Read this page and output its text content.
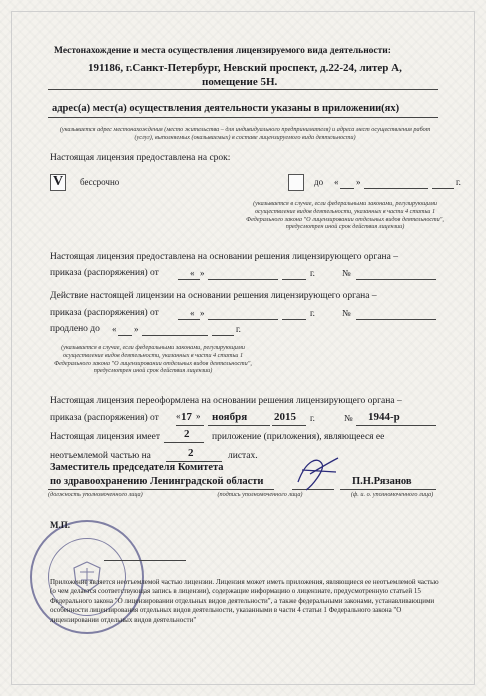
Местонахождение и места осуществления лицензируемого вида деятельности:
191186, г.Санкт-Петербург, Невский проспект, д.22-24, литер А,
помещение 5Н.
адрес(а) мест(а) осуществления деятельности указаны в приложении(ях)
(указывается адрес местонахождения (место жительства – для индивидуального предпринимателя) и адреса мест осуществления работ (услуг), выполняемых (оказываемых) в составе лицензируемого вида деятельности)
Настоящая лицензия предоставлена на срок:
V	бессрочно	до « »	г.
(указывается в случае, если федеральными законами, регулирующими осуществление видов деятельности, указанных в части 4 статьи 1 Федерального закона "О лицензировании отдельных видов деятельности", предусмотрен иной срок действия лицензии)
Настоящая лицензия предоставлена на основании решения лицензирующего органа –
приказа (распоряжения) от	« »	г.	№
Действие настоящей лицензии на основании решения лицензирующего органа –
приказа (распоряжения) от	« »	г.	№
продлено до « »	г.
(указывается в случае, если федеральными законами, регулирующими осуществление видов деятельности, указанных в части 4 статьи 1 Федерального закона "О лицензировании отдельных видов деятельности", предусмотрен иной срок действия лицензии)
Настоящая лицензия переоформлена на основании решения лицензирующего органа –
приказа (распоряжения) от « 17 » ноября 2015 г.	№ 1944-р
Настоящая лицензия имеет 2 приложение (приложения), являющееся ее
неотъемлемой частью на	2	листах.
Заместитель председателя Комитета
по здравоохранению Ленинградской области	П.Н.Рязанов
(должность уполномоченного лица)	(подпись уполномоченного лица)	(ф. и. о. уполномоченного лица)
М.П.
Приложение является неотъемлемой частью лицензии. Лицензия может иметь приложения, являющиеся ее неотъемлемой частью (о чем делается соответствующая запись в лицензии), содержащие информацию о лицензиате, предусмотренную статьей 15 Федерального закона "О лицензировании отдельных видов деятельности", а также федеральными законами, устанавливающими особенности лицензирования отдельных видов деятельности, указанными в части 4 статьи 1 Федерального закона "О лицензировании отдельных видов деятельности"
